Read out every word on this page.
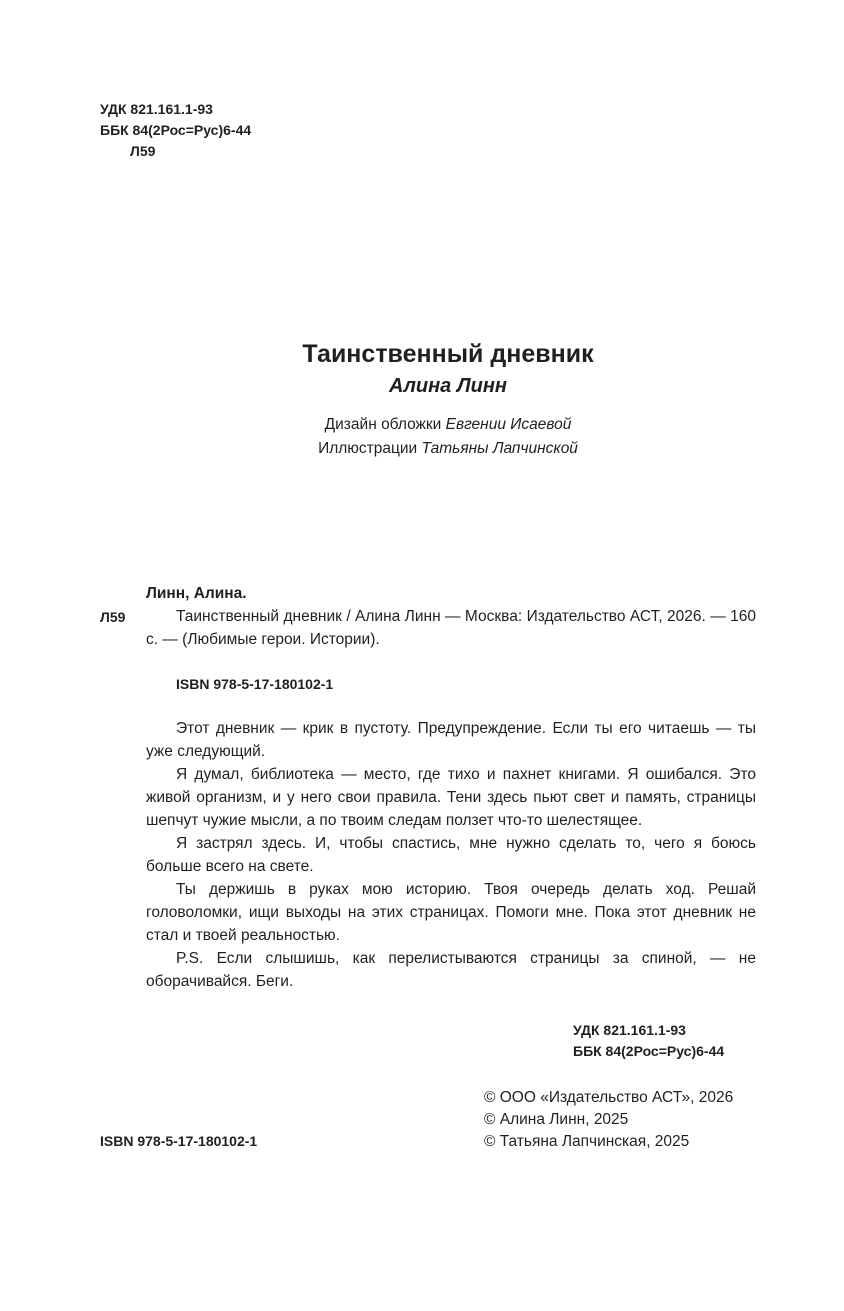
УДК 821.161.1-93
ББК 84(2Рос=Рус)6-44
Л59
Таинственный дневник
Алина Линн
Дизайн обложки Евгении Исаевой
Иллюстрации Татьяны Лапчинской
Линн, Алина.
Л59	Таинственный дневник / Алина Линн — Москва: Издательство АСТ, 2026. — 160 с. — (Любимые герои. Истории).

ISBN 978-5-17-180102-1

Этот дневник — крик в пустоту. Предупреждение. Если ты его читаешь — ты уже следующий.

Я думал, библиотека — место, где тихо и пахнет книгами. Я ошибался. Это живой организм, и у него свои правила. Тени здесь пьют свет и память, страницы шепчут чужие мысли, а по твоим следам ползет что-то шелестящее.

Я застрял здесь. И, чтобы спастись, мне нужно сделать то, чего я боюсь больше всего на свете.

Ты держишь в руках мою историю. Твоя очередь делать ход. Решай головоломки, ищи выходы на этих страницах. Помоги мне. Пока этот дневник не стал и твоей реальностью.

P.S. Если слышишь, как перелистываются страницы за спиной, — не оборачивайся. Беги.

УДК 821.161.1-93
ББК 84(2Рос=Рус)6-44
© ООО «Издательство АСТ», 2026
© Алина Линн, 2025
© Татьяна Лапчинская, 2025
ISBN 978-5-17-180102-1
